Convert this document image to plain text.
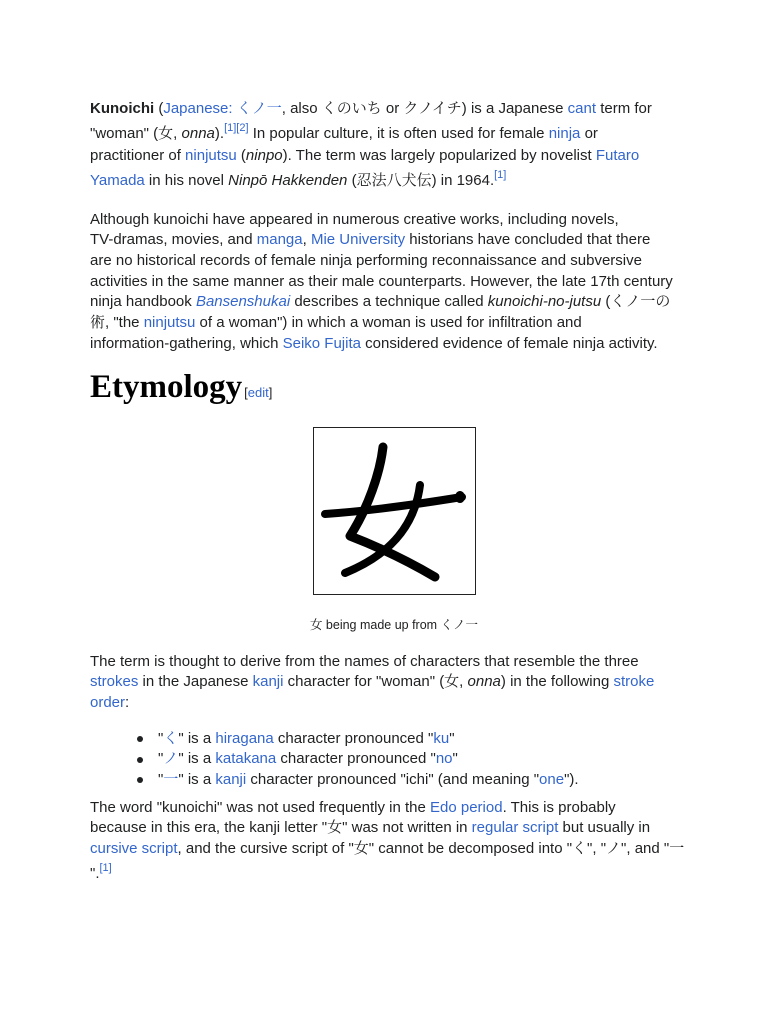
Kunoichi (Japanese: くノ一, also くのいち or クノイチ) is a Japanese cant term for
"woman" (女, onna).[1][2] In popular culture, it is often used for female ninja or
practitioner of ninjutsu (ninpo). The term was largely popularized by novelist Futaro
Yamada in his novel Ninpō Hakkenden (忍法八犬伝) in 1964.[1]
Although kunoichi have appeared in numerous creative works, including novels,
TV-dramas, movies, and manga, Mie University historians have concluded that there
are no historical records of female ninja performing reconnaissance and subversive
activities in the same manner as their male counterparts. However, the late 17th century
ninja handbook Bansenshukai describes a technique called kunoichi-no-jutsu (くノ一の
術, "the ninjutsu of a woman") in which a woman is used for infiltration and
information-gathering, which Seiko Fujita considered evidence of female ninja activity.
Etymology [edit]
女 being made up from くノ一
The term is thought to derive from the names of characters that resemble the three
strokes in the Japanese kanji character for "woman" (女, onna) in the following stroke
order:
"く" is a hiragana character pronounced "ku"
"ノ" is a katakana character pronounced "no"
"一" is a kanji character pronounced "ichi" (and meaning "one").
The word "kunoichi" was not used frequently in the Edo period. This is probably
because in this era, the kanji letter "女" was not written in regular script but usually in
cursive script, and the cursive script of "女" cannot be decomposed into "く", "ノ", and "一
".[1]
